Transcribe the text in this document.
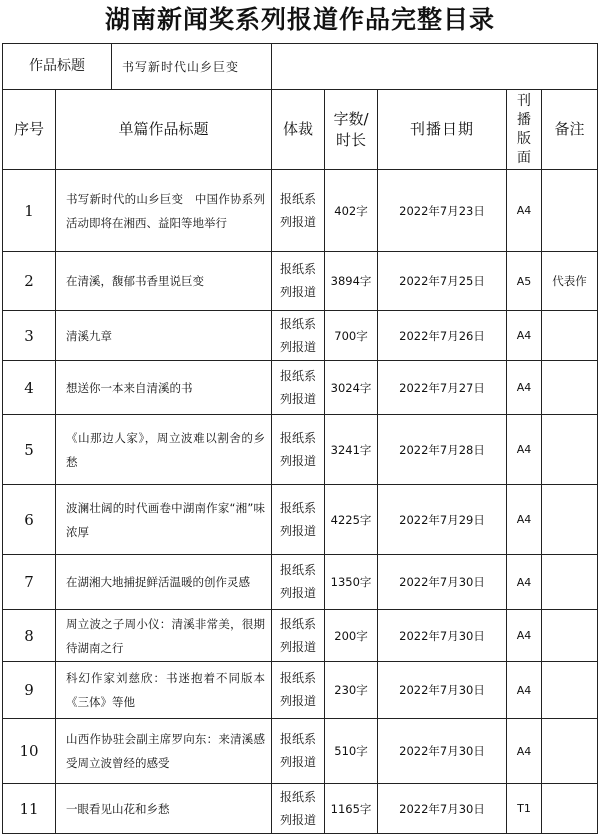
湖南新闻奖系列报道作品完整目录
作品标题 书写新时代山乡巨变						

序号	单篇作品标题	体裁	字数/时长	刊播日期	刊播版面	备注
1	书写新时代的山乡巨变　中国作协系列活动即将在湘西、益阳等地举行	报纸系列报道	402字	2022年7月23日	A4	
2	在清溪，馥郁书香里说巨变	报纸系列报道	3894字	2022年7月25日	A5	代表作
3	清溪九章	报纸系列报道	700字	2022年7月26日	A4	
4	想送你一本来自清溪的书	报纸系列报道	3024字	2022年7月27日	A4	
5	《山那边人家》，周立波难以割舍的乡愁	报纸系列报道	3241字	2022年7月28日	A4	
6	波澜壮阔的时代画卷中湖南作家“湘”味浓厚	报纸系列报道	4225字	2022年7月29日	A4	
7	在湖湘大地捕捉鲜活温暖的创作灵感	报纸系列报道	1350字	2022年7月30日	A4	
8	周立波之子周小仪：清溪非常美，很期待湖南之行	报纸系列报道	200字	2022年7月30日	A4	
9	科幻作家刘慈欣：书迷抱着不同版本《三体》等他	报纸系列报道	230字	2022年7月30日	A4	
10	山西作协驻会副主席罗向东：来清溪感受周立波曾经的感受	报纸系列报道	510字	2022年7月30日	A4	
11	一眼看见山花和乡愁	报纸系列报道	1165字	2022年7月30日	T1	
